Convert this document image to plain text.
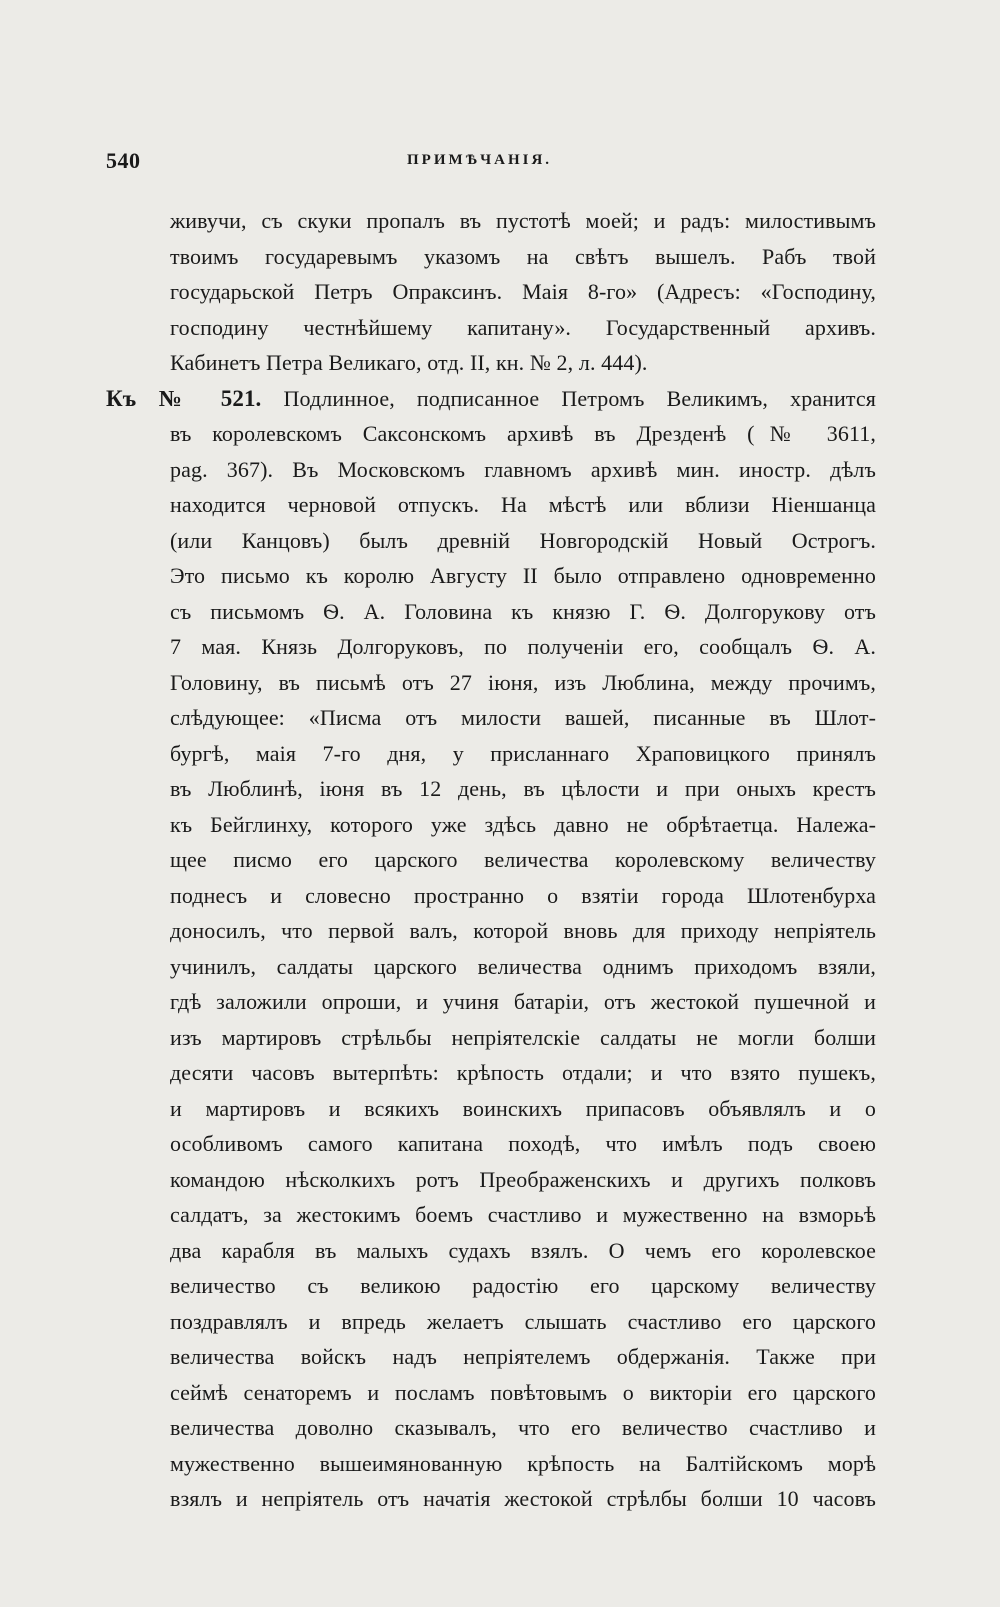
540	ПРИМѢЧАНІЯ.
живучи, съ скуки пропалъ въ пустотѣ моей; и радъ: милостивымъ
твоимъ государевымъ указомъ на свѣтъ вышелъ. Рабъ твой
государьской Петръ Опраксинъ. Маія 8-го» (Адресъ: «Господину,
господину честнѣйшему капитану». Государственный архивъ.
Кабинетъ Петра Великаго, отд. II, кн. № 2, л. 444).
Къ № 521. Подлинное, подписанное Петромъ Великимъ, хранится
въ королевскомъ Саксонскомъ архивѣ въ Дрезденѣ (№ 3611,
pag. 367). Въ Московскомъ главномъ архивѣ мин. иностр. дѣлъ
находится черновой отпускъ. На мѣстѣ или вблизи Ніеншанца
(или Канцовъ) былъ древній Новгородскій Новый Острогъ.
Это письмо къ королю Августу II было отправлено одновременно
съ письмомъ Ѳ. А. Головина къ князю Г. Ѳ. Долгорукову отъ
7 мая. Князь Долгоруковъ, по полученіи его, сообщалъ Ѳ. А.
Головину, въ письмѣ отъ 27 іюня, изъ Люблина, между прочимъ,
слѣдующее: «Писма отъ милости вашей, писанные въ Шлот-
бургѣ, маія 7-го дня, у присланнаго Храповицкого принялъ
въ Люблинѣ, іюня въ 12 день, въ цѣлости и при оныхъ крестъ
къ Бейглинху, которого уже здѣсь давно не обрѣтаетца. Належа-
щее писмо его царского величества королевскому величеству
поднесъ и словесно пространно о взятіи города Шлотенбурха
доносилъ, что первой валъ, которой вновь для приходу непріятель
учинилъ, салдаты царского величества однимъ приходомъ взяли,
гдѣ заложили опроши, и учиня батаріи, отъ жестокой пушечной и
изъ мартировъ стрѣльбы непріятелскіе салдаты не могли болши
десяти часовъ вытерпѣть: крѣпость отдали; и что взято пушекъ,
и мартировъ и всякихъ воинскихъ припасовъ объявлялъ и о
особливомъ самого капитана походѣ, что имѣлъ подъ своею
командою нѣсколкихъ ротъ Преображенскихъ и другихъ полковъ
салдатъ, за жестокимъ боемъ счастливо и мужественно на взморьѣ
два карабля въ малыхъ судахъ взялъ. О чемъ его королевское
величество съ великою радостію его царскому величеству
поздравлялъ и впредь желаетъ слышать счастливо его царского
величества войскъ надъ непріятелемъ обдержанія. Также при
сеймѣ сенаторемъ и посламъ повѣтовымъ о викторіи его царского
величества доволно сказывалъ, что его величество счастливо и
мужественно вышеимянованную крѣпость на Балтійскомъ морѣ
взялъ и непріятель отъ начатія жестокой стрѣлбы болши 10 часовъ
